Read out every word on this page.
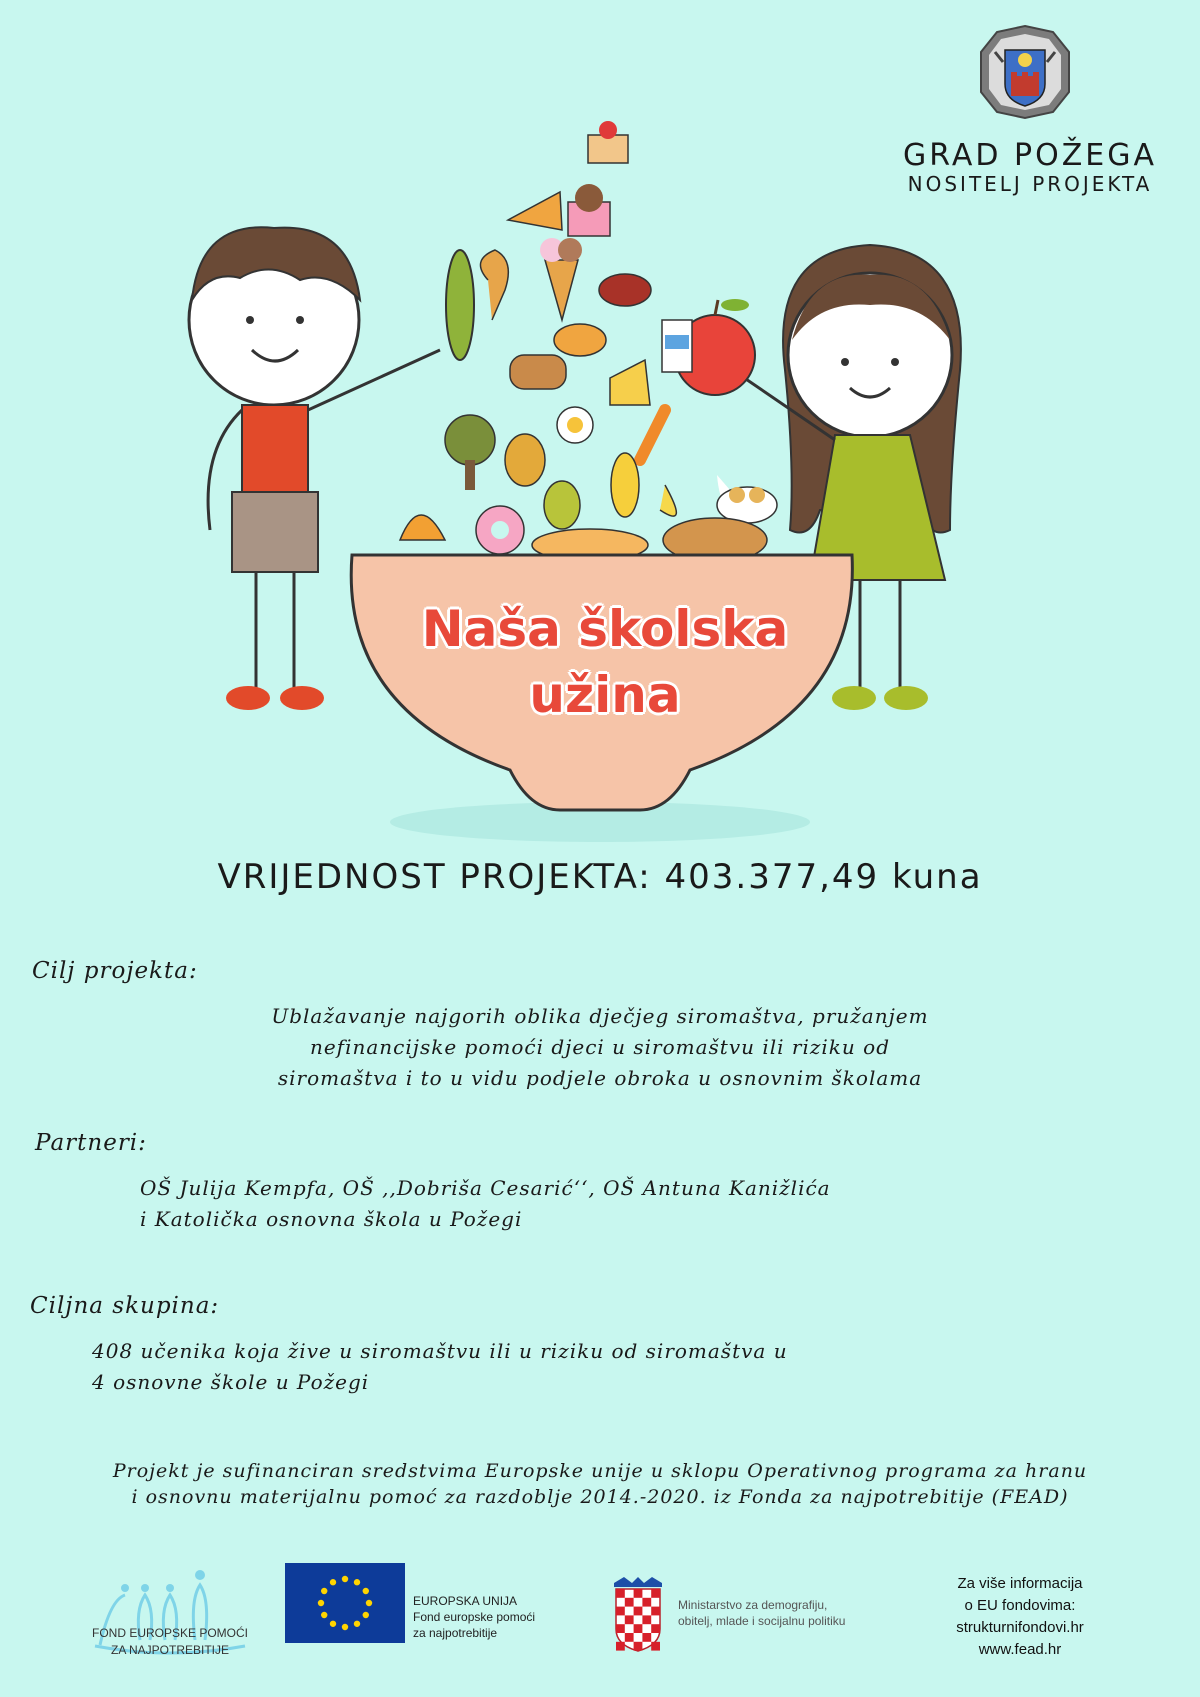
GRAD POŽEGA
NOSITELJ PROJEKTA
Naša školska
užina
VRIJEDNOST PROJEKTA: 403.377,49 kuna
Cilj projekta:
Ublažavanje najgorih oblika dječjeg siromaštva, pružanjem
nefinancijske pomoći djeci u siromaštvu ili riziku od
siromaštva i to u vidu podjele obroka u osnovnim školama
Partneri:
OŠ Julija Kempfa, OŠ ,,Dobriša Cesarić‘‘, OŠ Antuna Kanižlića
i Katolička osnovna škola u Požegi
Ciljna skupina:
408 učenika koja žive u siromaštvu ili u riziku od siromaštva u
4 osnovne škole u Požegi
Projekt je sufinanciran sredstvima Europske unije u sklopu Operativnog programa za hranu
i osnovnu materijalnu pomoć za razdoblje 2014.-2020. iz Fonda za najpotrebitije (FEAD)
FOND EUROPSKE POMOĆI
ZA NAJPOTREBITIJE
EUROPSKA UNIJA
Fond europske pomoći
za najpotrebitije
Ministarstvo za demografiju,
obitelj, mlade i socijalnu politiku
Za više informacija
o EU fondovima:
strukturnifondovi.hr
www.fead.hr
